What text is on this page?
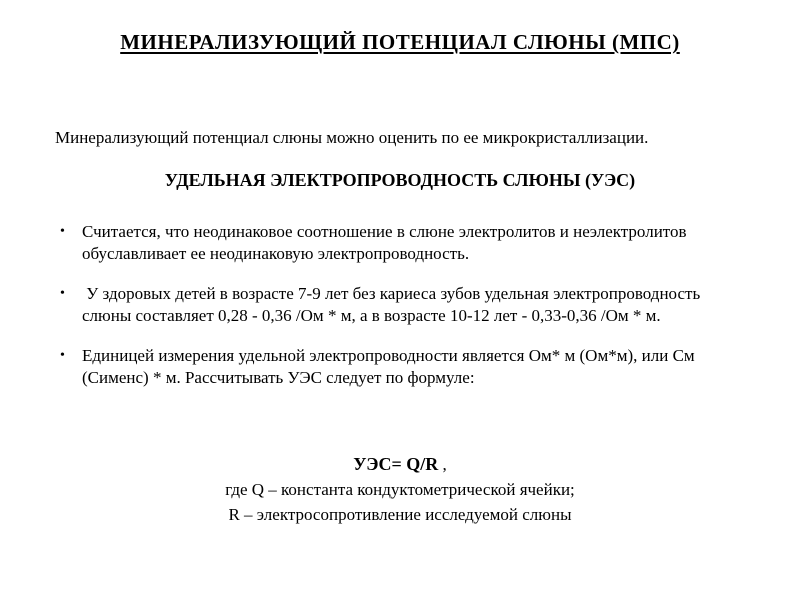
МИНЕРАЛИЗУЮЩИЙ ПОТЕНЦИАЛ СЛЮНЫ (МПС)

Минерализующий потенциал слюны можно оценить по ее микрокристаллизации.

УДЕЛЬНАЯ ЭЛЕКТРОПРОВОДНОСТЬ СЛЮНЫ (УЭС)
• Считается, что неодинаковое соотношение в слюне электролитов и неэлектролитов обуславливает ее неодинаковую электропроводность.
• У здоровых детей в возрасте 7-9 лет без кариеса зубов удельная электропроводность слюны составляет 0,28 - 0,36 /Ом * м, а в возрасте 10-12 лет - 0,33-0,36 /Ом * м.
• Единицей измерения удельной электропроводности является Ом* м (Ом*м), или См (Сименс) * м. Рассчитывать УЭС следует по формуле:
УЭС= Q/R ,
где Q – константа кондуктометрической ячейки;
R – электросопротивление исследуемой слюны
